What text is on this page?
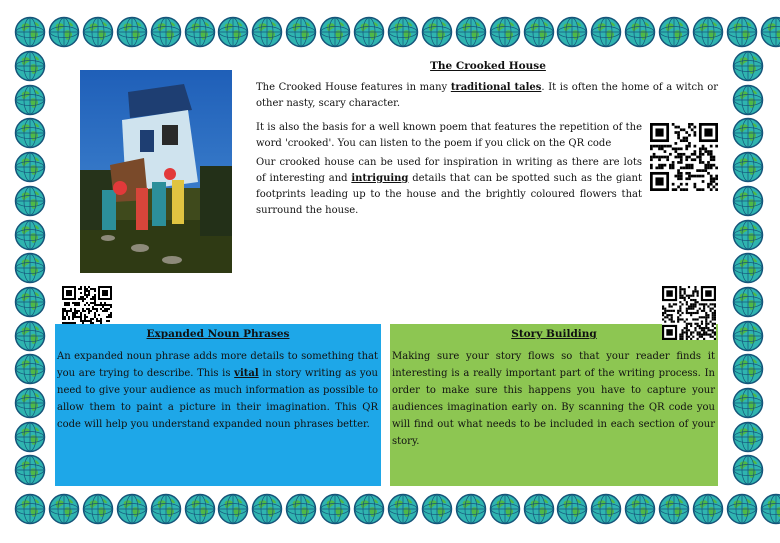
The Crooked House

The Crooked House features in many traditional tales. It is often the home of a witch or other nasty, scary character.

It is also the basis for a well known poem that features the repetition of the word 'crooked'. You can listen to the poem if you click on the QR code

Our crooked house can be used for inspiration in writing as there are lots of interesting and intriguing details that can be spotted such as the giant footprints leading up to the house and the brightly coloured flowers that surround the house.

Expanded Noun Phrases

An expanded noun phrase adds more details to something that you are trying to describe. This is vital in story writing as you need to give your audience as much information as possible to allow them to paint a picture in their imagination. This QR code will help you understand expanded noun phrases better.

Story Building

Making sure your story flows so that your reader finds it interesting is a really important part of the writing process. In order to make sure this happens you have to capture your audiences imagination early on. By scanning the QR code you will find out what needs to be included in each section of your story.
